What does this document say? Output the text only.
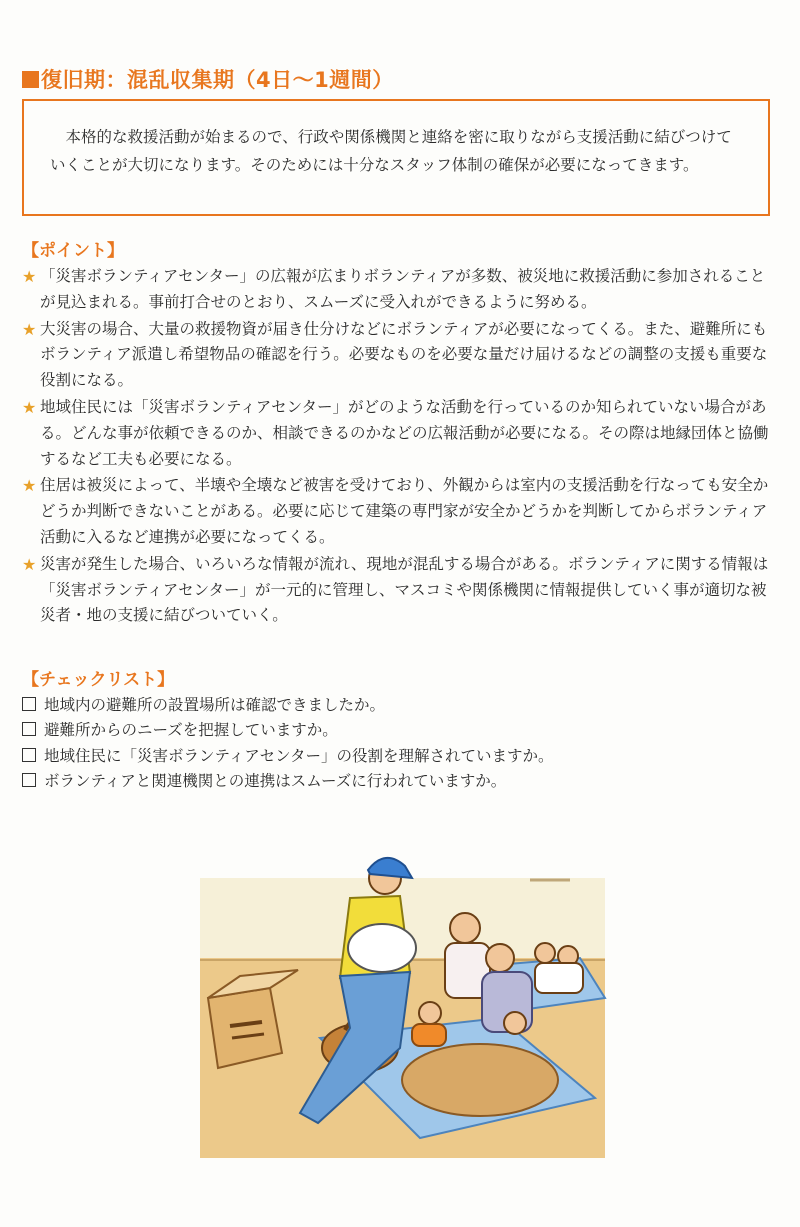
復旧期：混乱収集期（4日〜1週間）
本格的な救援活動が始まるので、行政や関係機関と連絡を密に取りながら支援活動に結びつけていくことが大切になります。そのためには十分なスタッフ体制の確保が必要になってきます。
【ポイント】
★ 「災害ボランティアセンター」の広報が広まりボランティアが多数、被災地に救援活動に参加されることが見込まれる。事前打合せのとおり、スムーズに受入れができるように努める。
★ 大災害の場合、大量の救援物資が届き仕分けなどにボランティアが必要になってくる。また、避難所にもボランティア派遣し希望物品の確認を行う。必要なものを必要な量だけ届けるなどの調整の支援も重要な役割になる。
★ 地域住民には「災害ボランティアセンター」がどのような活動を行っているのか知られていない場合がある。どんな事が依頼できるのか、相談できるのかなどの広報活動が必要になる。その際は地縁団体と協働するなど工夫も必要になる。
★ 住居は被災によって、半壊や全壊など被害を受けており、外観からは室内の支援活動を行なっても安全かどうか判断できないことがある。必要に応じて建築の専門家が安全かどうかを判断してからボランティア活動に入るなど連携が必要になってくる。
★ 災害が発生した場合、いろいろな情報が流れ、現地が混乱する場合がある。ボランティアに関する情報は「災害ボランティアセンター」が一元的に管理し、マスコミや関係機関に情報提供していく事が適切な被災者・地の支援に結びついていく。
【チェックリスト】
地域内の避難所の設置場所は確認できましたか。
避難所からのニーズを把握していますか。
地域住民に「災害ボランティアセンター」の役割を理解されていますか。
ボランティアと関連機関との連携はスムーズに行われていますか。
